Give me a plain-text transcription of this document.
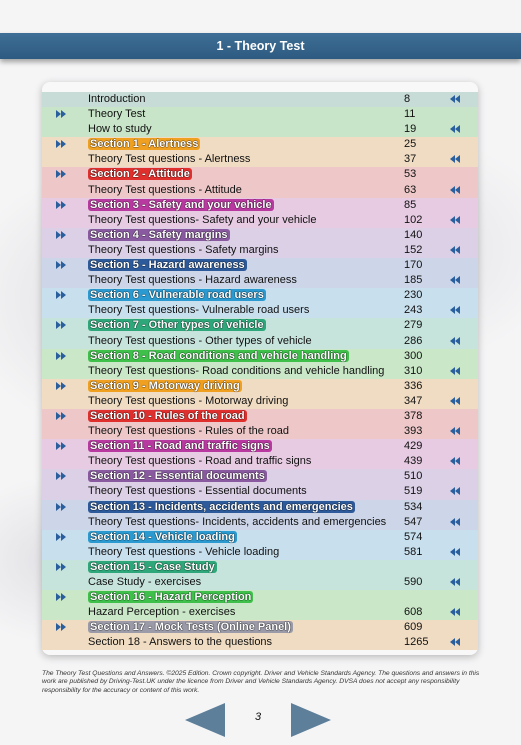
1 - Theory Test
Introduction	8
Theory Test	11
How to study	19
Section 1 - Alertness	25
Theory Test questions - Alertness	37
Section 2 - Attitude	53
Theory Test questions - Attitude	63
Section 3 - Safety and your vehicle	85
Theory Test questions- Safety and your vehicle	102
Section 4 - Safety margins	140
Theory Test questions - Safety margins	152
Section 5 - Hazard awareness	170
Theory Test questions - Hazard awareness	185
Section 6 - Vulnerable road users	230
Theory Test questions- Vulnerable road users	243
Section 7 - Other types of vehicle	279
Theory Test questions - Other types of vehicle	286
Section 8 - Road conditions and vehicle handling	300
Theory Test questions- Road conditions and vehicle handling 310
Section 9 - Motorway driving	336
Theory Test questions - Motorway driving	347
Section 10 - Rules of the road	378
Theory Test questions - Rules of the road	393
Section 11 - Road and traffic signs	429
Theory Test questions - Road and traffic signs	439
Section 12 - Essential documents	510
Theory Test questions - Essential documents	519
Section 13 - Incidents, accidents and emergencies	534
Theory Test questions- Incidents, accidents and emergencies 547
Section 14 - Vehicle loading	574
Theory Test questions - Vehicle loading	581
Section 15 - Case Study
Case Study - exercises	590
Section 16 - Hazard Perception
Hazard Perception - exercises	608
Section 17 - Mock Tests (Online Panel)	609
Section 18 - Answers to the questions	1265
The Theory Test Questions and Answers. ©2025 Edition. Crown copyright. Driver and Vehicle Standards Agency. The questions and answers in this work are published by Driving-Test.UK under the licence from Driver and Vehicle Standards Agency. DVSA does not accept any responsibility responsibility for the accuracy or content of this work.
3
